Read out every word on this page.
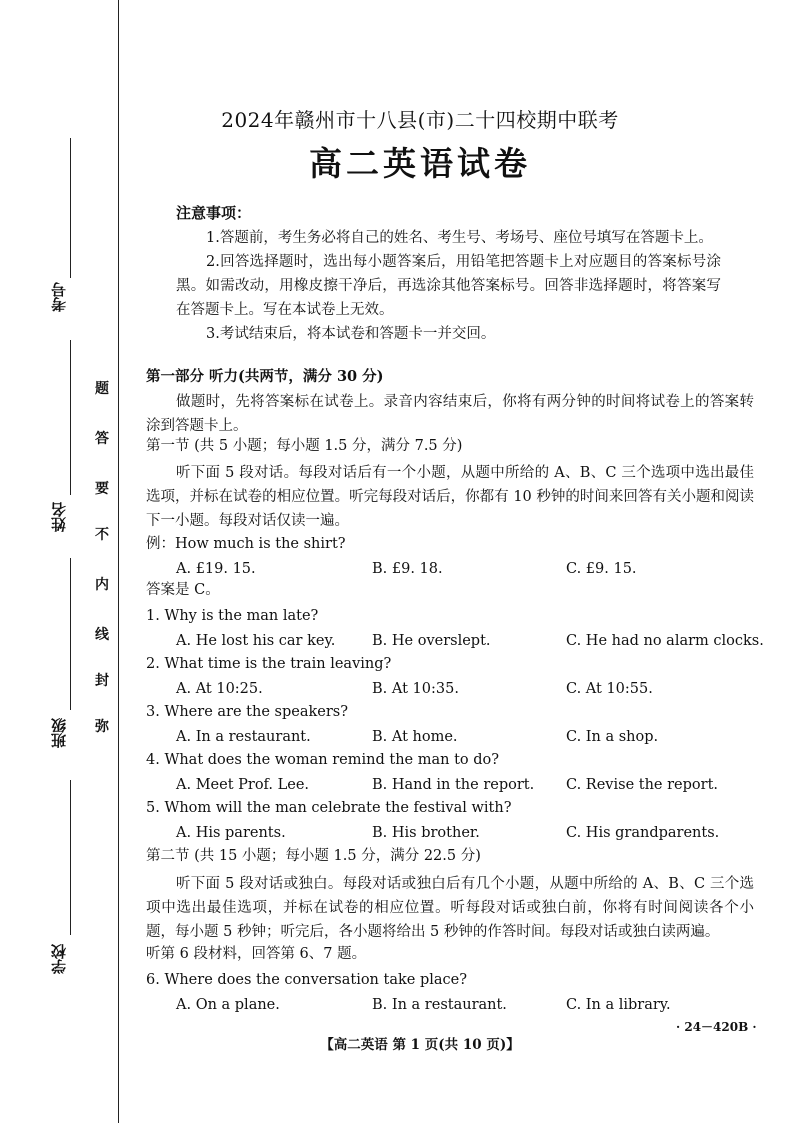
考号
姓名
班级
学校
题
答
要
不
内
线
封
弥
2024年赣州市十八县(市)二十四校期中联考
高二英语试卷
注意事项：
1.答题前，考生务必将自己的姓名、考生号、考场号、座位号填写在答题卡上。
2.回答选择题时，选出每小题答案后，用铅笔把答题卡上对应题目的答案标号涂黑。如需改动，用橡皮擦干净后，再选涂其他答案标号。回答非选择题时，将答案写在答题卡上。写在本试卷上无效。
3.考试结束后，将本试卷和答题卡一并交回。
第一部分 听力(共两节，满分 30 分)
做题时，先将答案标在试卷上。录音内容结束后，你将有两分钟的时间将试卷上的答案转涂到答题卡上。
第一节 (共 5 小题；每小题 1.5 分，满分 7.5 分)
听下面 5 段对话。每段对话后有一个小题，从题中所给的 A、B、C 三个选项中选出最佳选项，并标在试卷的相应位置。听完每段对话后，你都有 10 秒钟的时间来回答有关小题和阅读下一小题。每段对话仅读一遍。
例：How much is the shirt?
A. £19. 15.	B. £9. 18.	C. £9. 15.
答案是 C。
1. Why is the man late?
A. He lost his car key.	B. He overslept.	C. He had no alarm clocks.
2. What time is the train leaving?
A. At 10:25.	B. At 10:35.	C. At 10:55.
3. Where are the speakers?
A. In a restaurant.	B. At home.	C. In a shop.
4. What does the woman remind the man to do?
A. Meet Prof. Lee.	B. Hand in the report. C. Revise the report.
5. Whom will the man celebrate the festival with?
A. His parents.	B. His brother.	C. His grandparents.
第二节 (共 15 小题；每小题 1.5 分，满分 22.5 分)
听下面 5 段对话或独白。每段对话或独白后有几个小题，从题中所给的 A、B、C 三个选项中选出最佳选项，并标在试卷的相应位置。听每段对话或独白前，你将有时间阅读各个小题，每小题 5 秒钟；听完后，各小题将给出 5 秒钟的作答时间。每段对话或独白读两遍。
听第 6 段材料，回答第 6、7 题。
6. Where does the conversation take place?
A. On a plane.	B. In a restaurant.	C. In a library.
· 24－420B ·
【高二英语 第 1 页(共 10 页)】
